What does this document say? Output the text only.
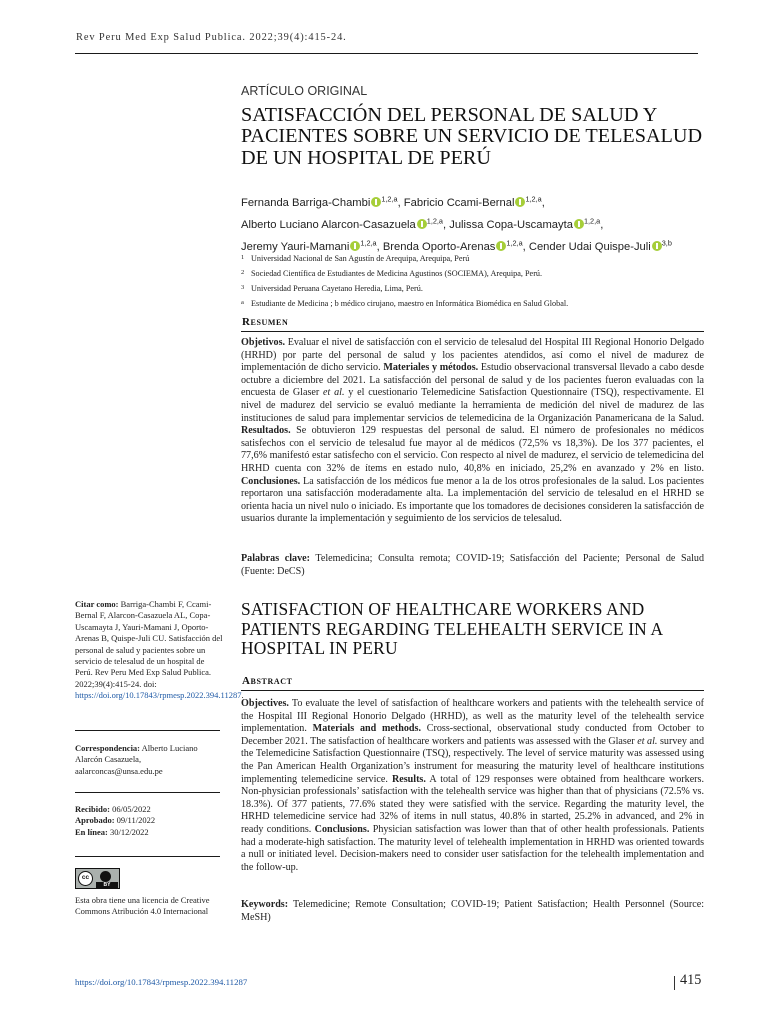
Rev Peru Med Exp Salud Publica. 2022;39(4):415-24.
ARTÍCULO ORIGINAL
SATISFACCIÓN DEL PERSONAL DE SALUD Y PACIENTES SOBRE UN SERVICIO DE TELESALUD DE UN HOSPITAL DE PERÚ
Fernanda Barriga-Chambi $^{1,2,a}$, Fabricio Ccami-Bernal $^{1,2,a}$,
Alberto Luciano Alarcon-Casazuela $^{1,2,a}$, Julissa Copa-Uscamayta $^{1,2,a}$,
Jeremy Yauri-Mamani $^{1,2,a}$, Brenda Oporto-Arenas $^{1,2,a}$, Cender Udai Quispe-Juli $^{3,b}$
1 Universidad Nacional de San Agustín de Arequipa, Arequipa, Perú
2 Sociedad Científica de Estudiantes de Medicina Agustinos (SOCIEMA), Arequipa, Perú.
3 Universidad Peruana Cayetano Heredia, Lima, Perú.
a Estudiante de Medicina ; b médico cirujano, maestro en Informática Biomédica en Salud Global.
Resumen
Objetivos. Evaluar el nivel de satisfacción con el servicio de telesalud del Hospital III Regional Honorio Delgado (HRHD) por parte del personal de salud y los pacientes atendidos, así como el nivel de madurez de implementación de dicho servicio. Materiales y métodos. Estudio observacional transversal llevado a cabo desde octubre a diciembre del 2021. La satisfacción del personal de salud y de los pacientes fueron evaluadas con la encuesta de Glaser et al. y el cuestionario Telemedicine Satisfaction Questionnaire (TSQ), respectivamente. El nivel de madurez del servicio se evaluó mediante la herramienta de medición del nivel de madurez de las instituciones de salud para implementar servicios de telemedicina de la Organización Panamericana de la Salud. Resultados. Se obtuvieron 129 respuestas del personal de salud. El número de profesionales no médicos satisfechos con el servicio de telesalud fue mayor al de médicos (72,5% vs 18,3%). De los 377 pacientes, el 77,6% manifestó estar satisfecho con el servicio. Con respecto al nivel de madurez, el servicio de telemedicina del HRHD cuenta con 32% de ítems en estado nulo, 40,8% en iniciado, 25,2% en avanzado y 2% en listo. Conclusiones. La satisfacción de los médicos fue menor a la de los otros profesionales de la salud. Los pacientes reportaron una satisfacción moderadamente alta. La implementación del servicio de telesalud en el HRHD se orienta hacia un nivel nulo o iniciado. Es importante que los tomadores de decisiones consideren la satisfacción de usuarios durante la implementación y seguimiento de los servicios de telesalud.
Palabras clave: Telemedicina; Consulta remota; COVID-19; Satisfacción del Paciente; Personal de Salud (Fuente: DeCS)
SATISFACTION OF HEALTHCARE WORKERS AND PATIENTS REGARDING TELEHEALTH SERVICE IN A HOSPITAL IN PERU
Abstract
Objectives. To evaluate the level of satisfaction of healthcare workers and patients with the telehealth service of the Hospital III Regional Honorio Delgado (HRHD), as well as the maturity level of the telehealth service implementation. Materials and methods. Cross-sectional, observational study conducted from October to December 2021. The satisfaction of healthcare workers and patients was assessed with the Glaser et al. survey and the Telemedicine Satisfaction Questionnaire (TSQ), respectively. The level of service maturity was assessed using the Pan American Health Organization’s instrument for measuring the maturity level of healthcare institutions implementing telemedicine service. Results. A total of 129 responses were obtained from healthcare workers. Non-physician professionals’ satisfaction with the telehealth service was higher than that of physicians (72.5% vs. 18.3%). Of 377 patients, 77.6% stated they were satisfied with the service. Regarding the maturity level, the HRHD telemedicine service had 32% of items in null status, 40.8% in started, 25.2% in advanced, and 2% in ready conditions. Conclusions. Physician satisfaction was lower than that of other health professionals. Patients had a moderate-high satisfaction. The maturity level of telehealth implementation in HRHD was oriented towards a null or initiated level. Decision-makers need to consider user satisfaction for the telehealth implementation and the follow-up.
Keywords: Telemedicine; Remote Consultation; COVID-19; Patient Satisfaction; Health Personnel (Source: MeSH)
Citar como: Barriga-Chambi F, Ccami-Bernal F, Alarcon-Casazuela AL, Copa-Uscamayta J, Yauri-Mamani J, Oporto-Arenas B, Quispe-Juli CU. Satisfacción del personal de salud y pacientes sobre un servicio de telesalud de un hospital de Perú. Rev Peru Med Exp Salud Publica. 2022;39(4):415-24. doi: https://doi.org/10.17843/rpmesp.2022.394.11287.
Correspondencia: Alberto Luciano Alarcón Casazuela, aalarconcas@unsa.edu.pe
Recibido: 06/05/2022
Aprobado: 09/11/2022
En línea: 30/12/2022
cc
BY
Esta obra tiene una licencia de Creative Commons Atribución 4.0 Internacional
https://doi.org/10.17843/rpmesp.2022.394.11287	415
